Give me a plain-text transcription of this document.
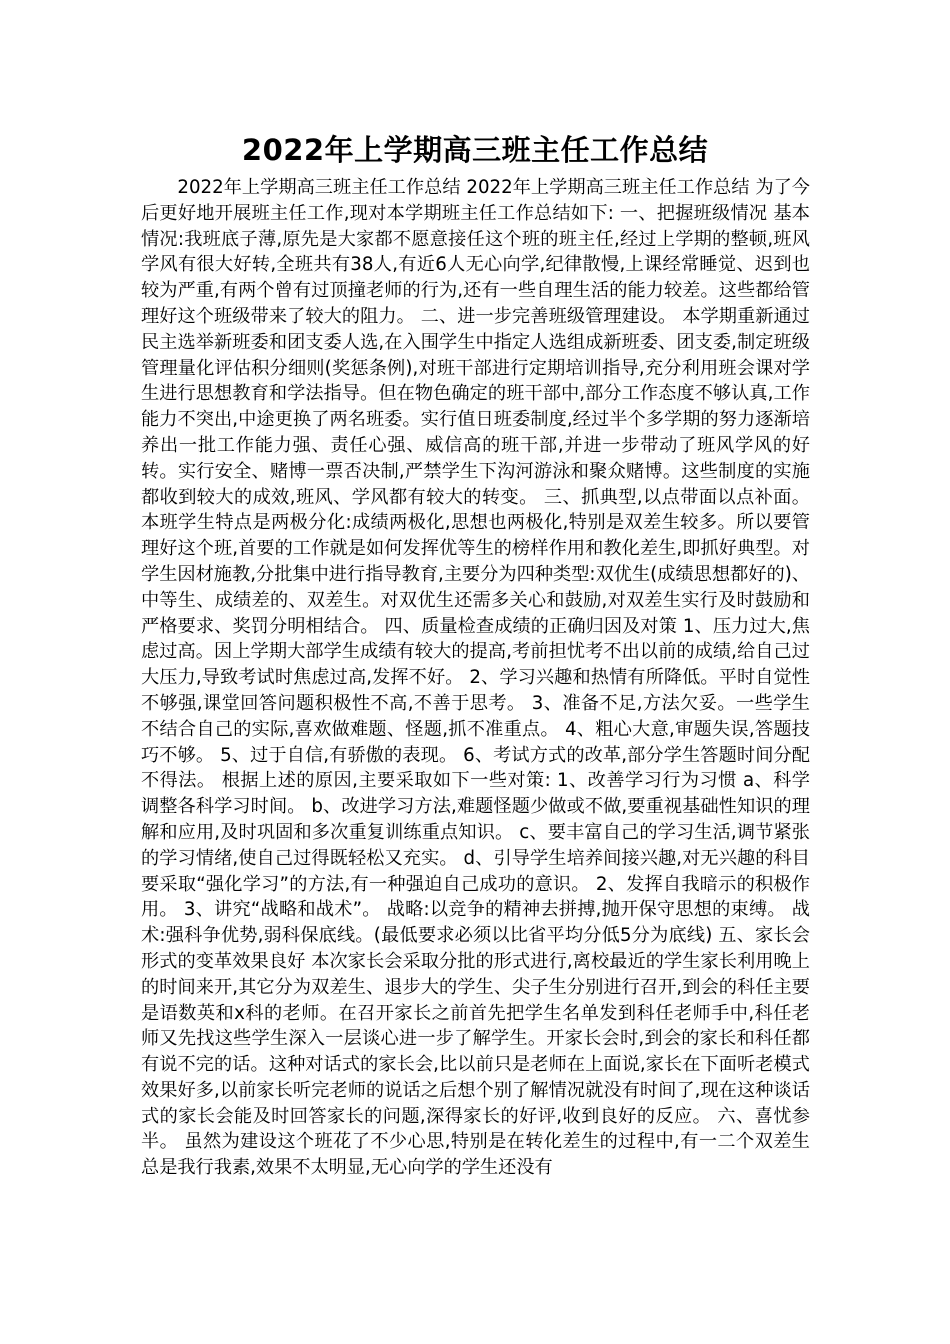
2022年上学期高三班主任工作总结
2022年上学期高三班主任工作总结 2022年上学期高三班主任工作总结 为了今后更好地开展班主任工作,现对本学期班主任工作总结如下: 一、把握班级情况 基本情况:我班底子薄,原先是大家都不愿意接任这个班的班主任,经过上学期的整顿,班风学风有很大好转,全班共有38人,有近6人无心向学,纪律散慢,上课经常睡觉、迟到也较为严重,有两个曾有过顶撞老师的行为,还有一些自理生活的能力较差。这些都给管理好这个班级带来了较大的阻力。 二、进一步完善班级管理建设。 本学期重新通过民主选举新班委和团支委人选,在入围学生中指定人选组成新班委、团支委,制定班级管理量化评估积分细则(奖惩条例),对班干部进行定期培训指导,充分利用班会课对学生进行思想教育和学法指导。但在物色确定的班干部中,部分工作态度不够认真,工作能力不突出,中途更换了两名班委。实行值日班委制度,经过半个多学期的努力逐渐培养出一批工作能力强、责任心强、威信高的班干部,并进一步带动了班风学风的好转。实行安全、赌博一票否决制,严禁学生下沟河游泳和聚众赌博。这些制度的实施都收到较大的成效,班风、学风都有较大的转变。 三、抓典型,以点带面以点补面。 本班学生特点是两极分化:成绩两极化,思想也两极化,特别是双差生较多。所以要管理好这个班,首要的工作就是如何发挥优等生的榜样作用和教化差生,即抓好典型。对学生因材施教,分批集中进行指导教育,主要分为四种类型:双优生(成绩思想都好的)、中等生、成绩差的、双差生。对双优生还需多关心和鼓励,对双差生实行及时鼓励和严格要求、奖罚分明相结合。 四、质量检查成绩的正确归因及对策 1、压力过大,焦虑过高。因上学期大部学生成绩有较大的提高,考前担忧考不出以前的成绩,给自己过大压力,导致考试时焦虑过高,发挥不好。 2、学习兴趣和热情有所降低。平时自觉性不够强,课堂回答问题积极性不高,不善于思考。 3、准备不足,方法欠妥。一些学生不结合自己的实际,喜欢做难题、怪题,抓不准重点。 4、粗心大意,审题失误,答题技巧不够。 5、过于自信,有骄傲的表现。 6、考试方式的改革,部分学生答题时间分配不得法。 根据上述的原因,主要采取如下一些对策: 1、改善学习行为习惯 a、科学调整各科学习时间。 b、改进学习方法,难题怪题少做或不做,要重视基础性知识的理解和应用,及时巩固和多次重复训练重点知识。 c、要丰富自己的学习生活,调节紧张的学习情绪,使自己过得既轻松又充实。 d、引导学生培养间接兴趣,对无兴趣的科目要采取“强化学习”的方法,有一种强迫自己成功的意识。 2、发挥自我暗示的积极作用。 3、讲究“战略和战术”。 战略:以竞争的精神去拼搏,抛开保守思想的束缚。 战术:强科争优势,弱科保底线。(最低要求必须以比省平均分低5分为底线) 五、家长会形式的变革效果良好 本次家长会采取分批的形式进行,离校最近的学生家长利用晚上的时间来开,其它分为双差生、退步大的学生、尖子生分别进行召开,到会的科任主要是语数英和x科的老师。在召开家长之前首先把学生名单发到科任老师手中,科任老师又先找这些学生深入一层谈心进一步了解学生。开家长会时,到会的家长和科任都有说不完的话。这种对话式的家长会,比以前只是老师在上面说,家长在下面听老模式效果好多,以前家长听完老师的说话之后想个别了解情况就没有时间了,现在这种谈话式的家长会能及时回答家长的问题,深得家长的好评,收到良好的反应。 六、喜忧参半。 虽然为建设这个班花了不少心思,特别是在转化差生的过程中,有一二个双差生总是我行我素,效果不太明显,无心向学的学生还没有
